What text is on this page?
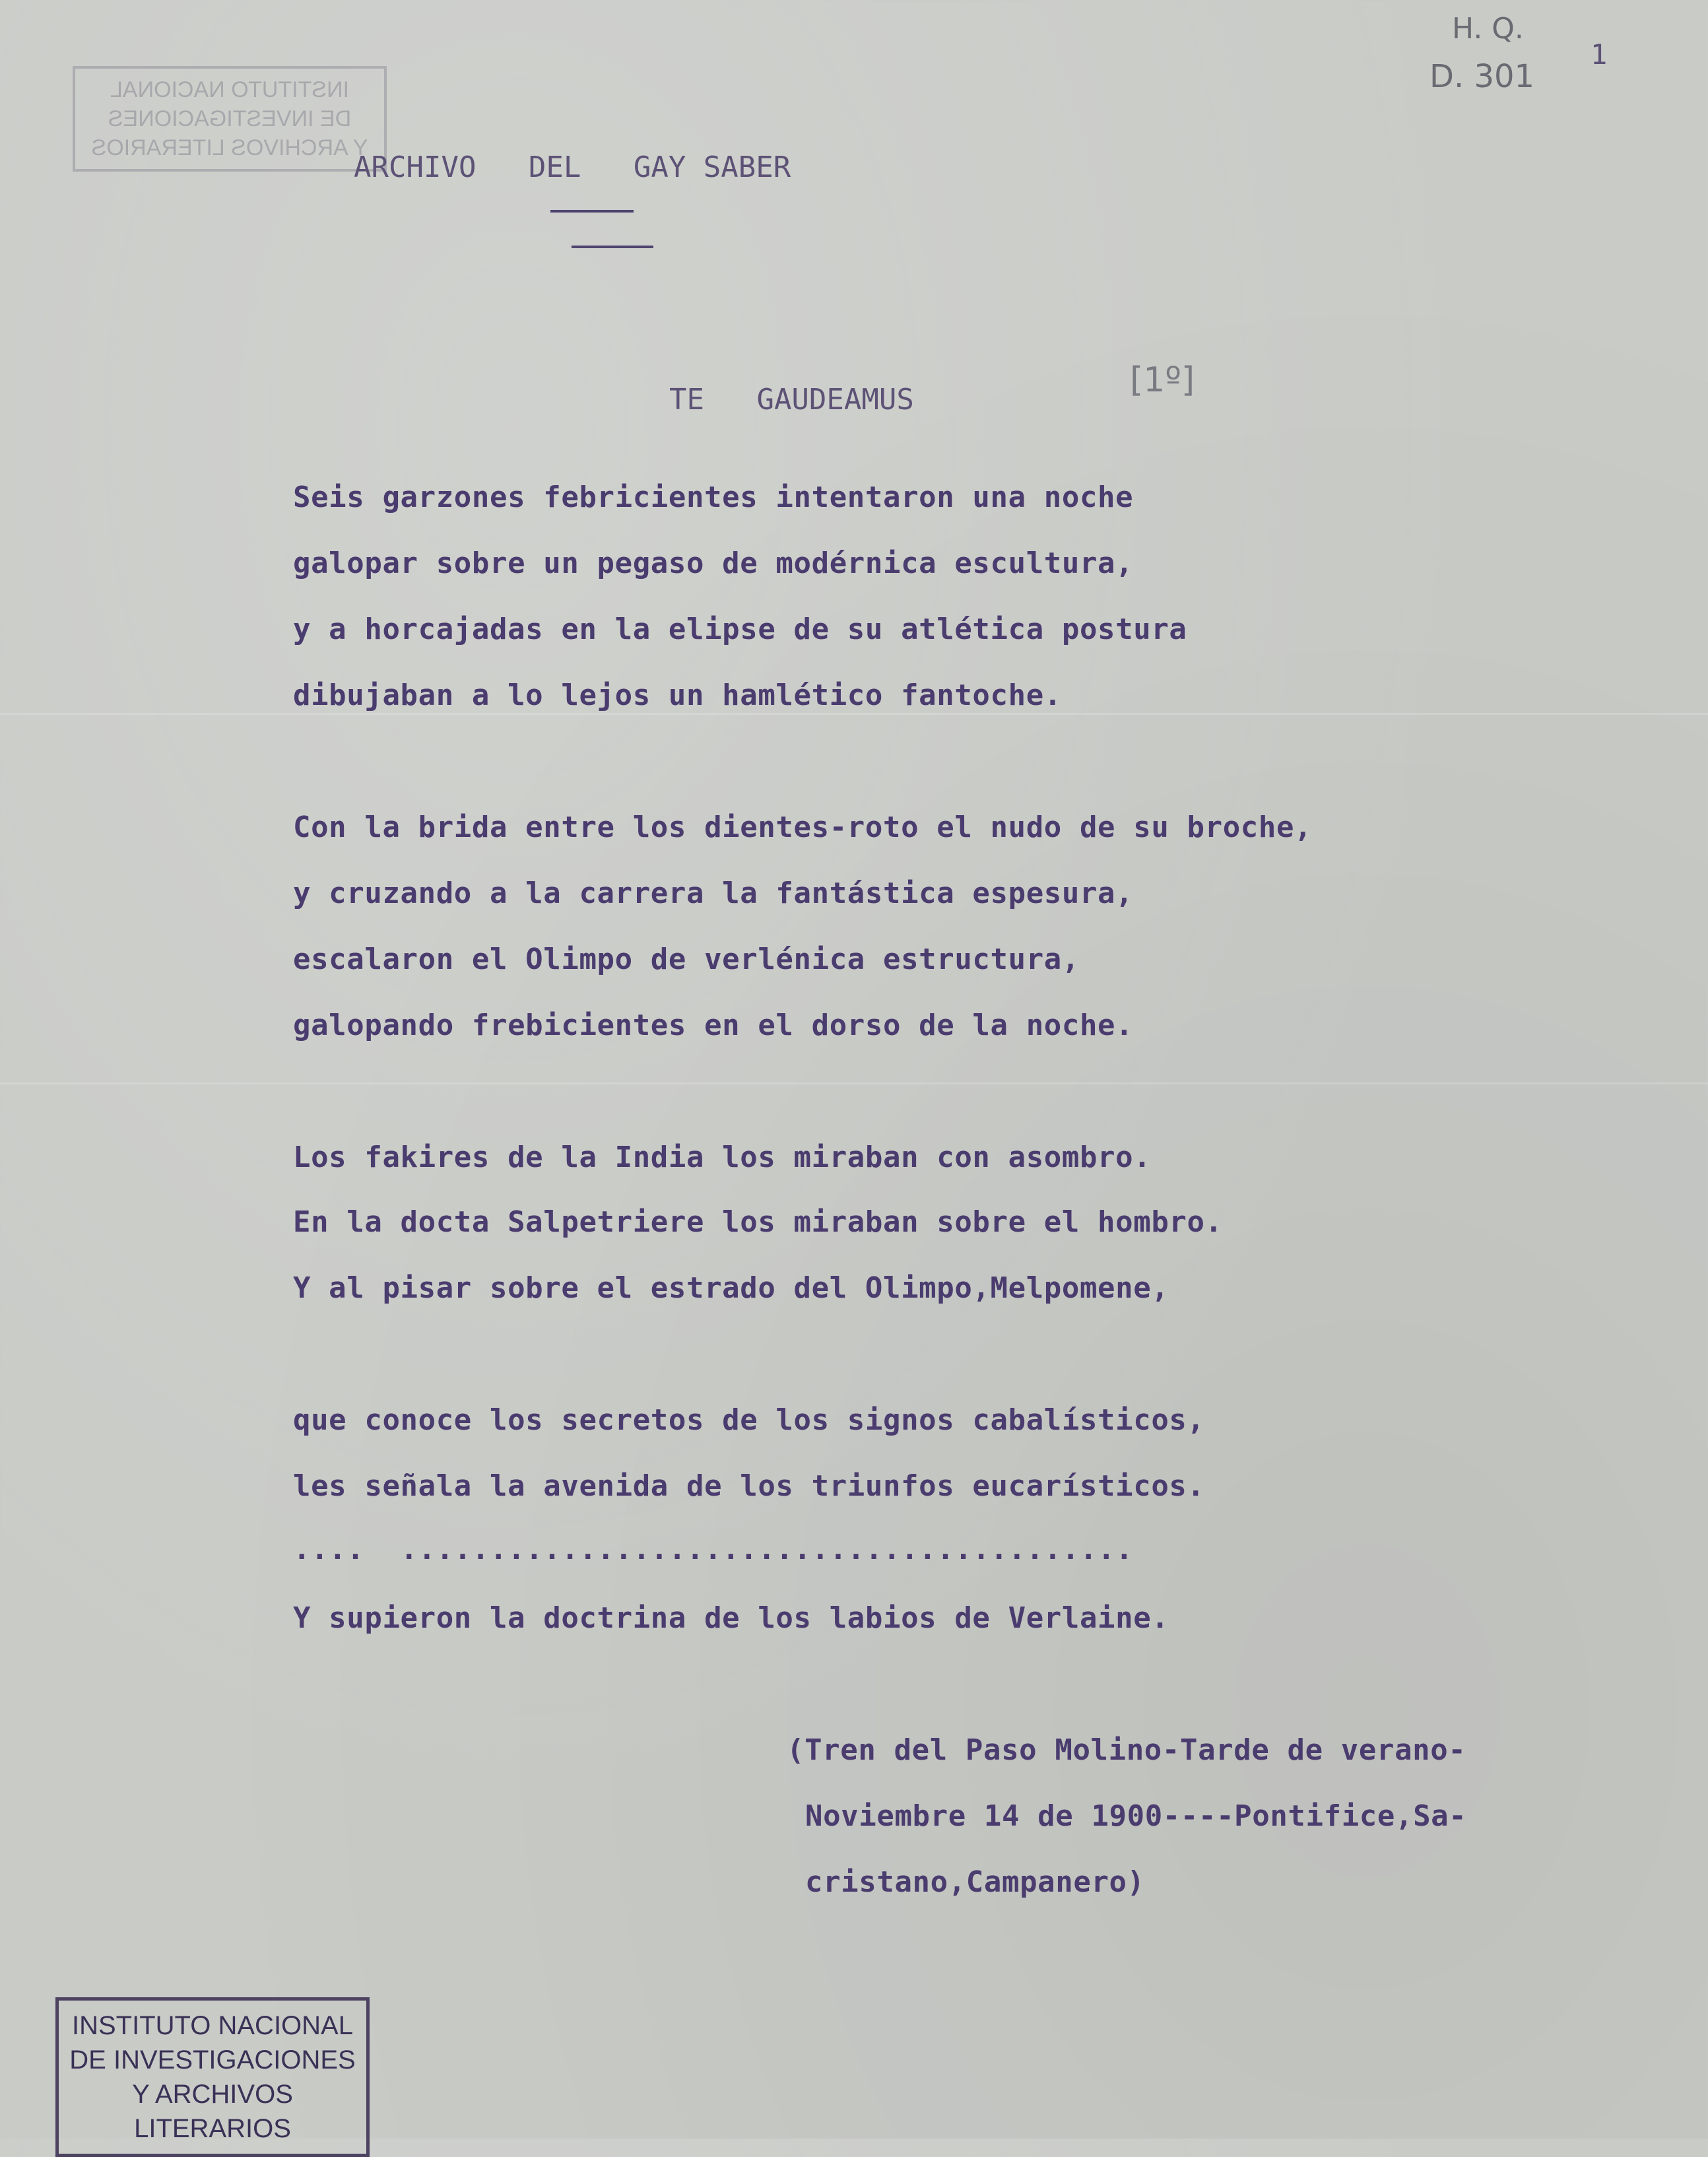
INSTITUTO NACIONAL
DE INVESTIGACIONES
Y ARCHIVOS LITERARIOS
H. Q.
D. 301
1
ARCHIVO   DEL   GAY SABER
TE   GAUDEAMUS	[1º]
Seis garzones febricientes intentaron una noche
galopar sobre un pegaso de modérnica escultura,
y a horcajadas en la elipse de su atlética postura
dibujaban a lo lejos un hamlético fantoche.
Con la brida entre los dientes-roto el nudo de su broche,
y cruzando a la carrera la fantástica espesura,
escalaron el Olimpo de verlénica estructura,
galopando frebicientes en el dorso de la noche.
Los fakires de la India los miraban con asombro.
En la docta Salpetriere los miraban sobre el hombro.
Y al pisar sobre el estrado del Olimpo,Melpomene,
que conoce los secretos de los signos cabalísticos,
les señala la avenida de los triunfos eucarísticos.
....  .........................................
Y supieron la doctrina de los labios de Verlaine.
(Tren del Paso Molino-Tarde de verano-
Noviembre 14 de 1900----Pontifice,Sa-
cristano,Campanero)
INSTITUTO NACIONAL
DE INVESTIGACIONES
Y ARCHIVOS LITERARIOS
